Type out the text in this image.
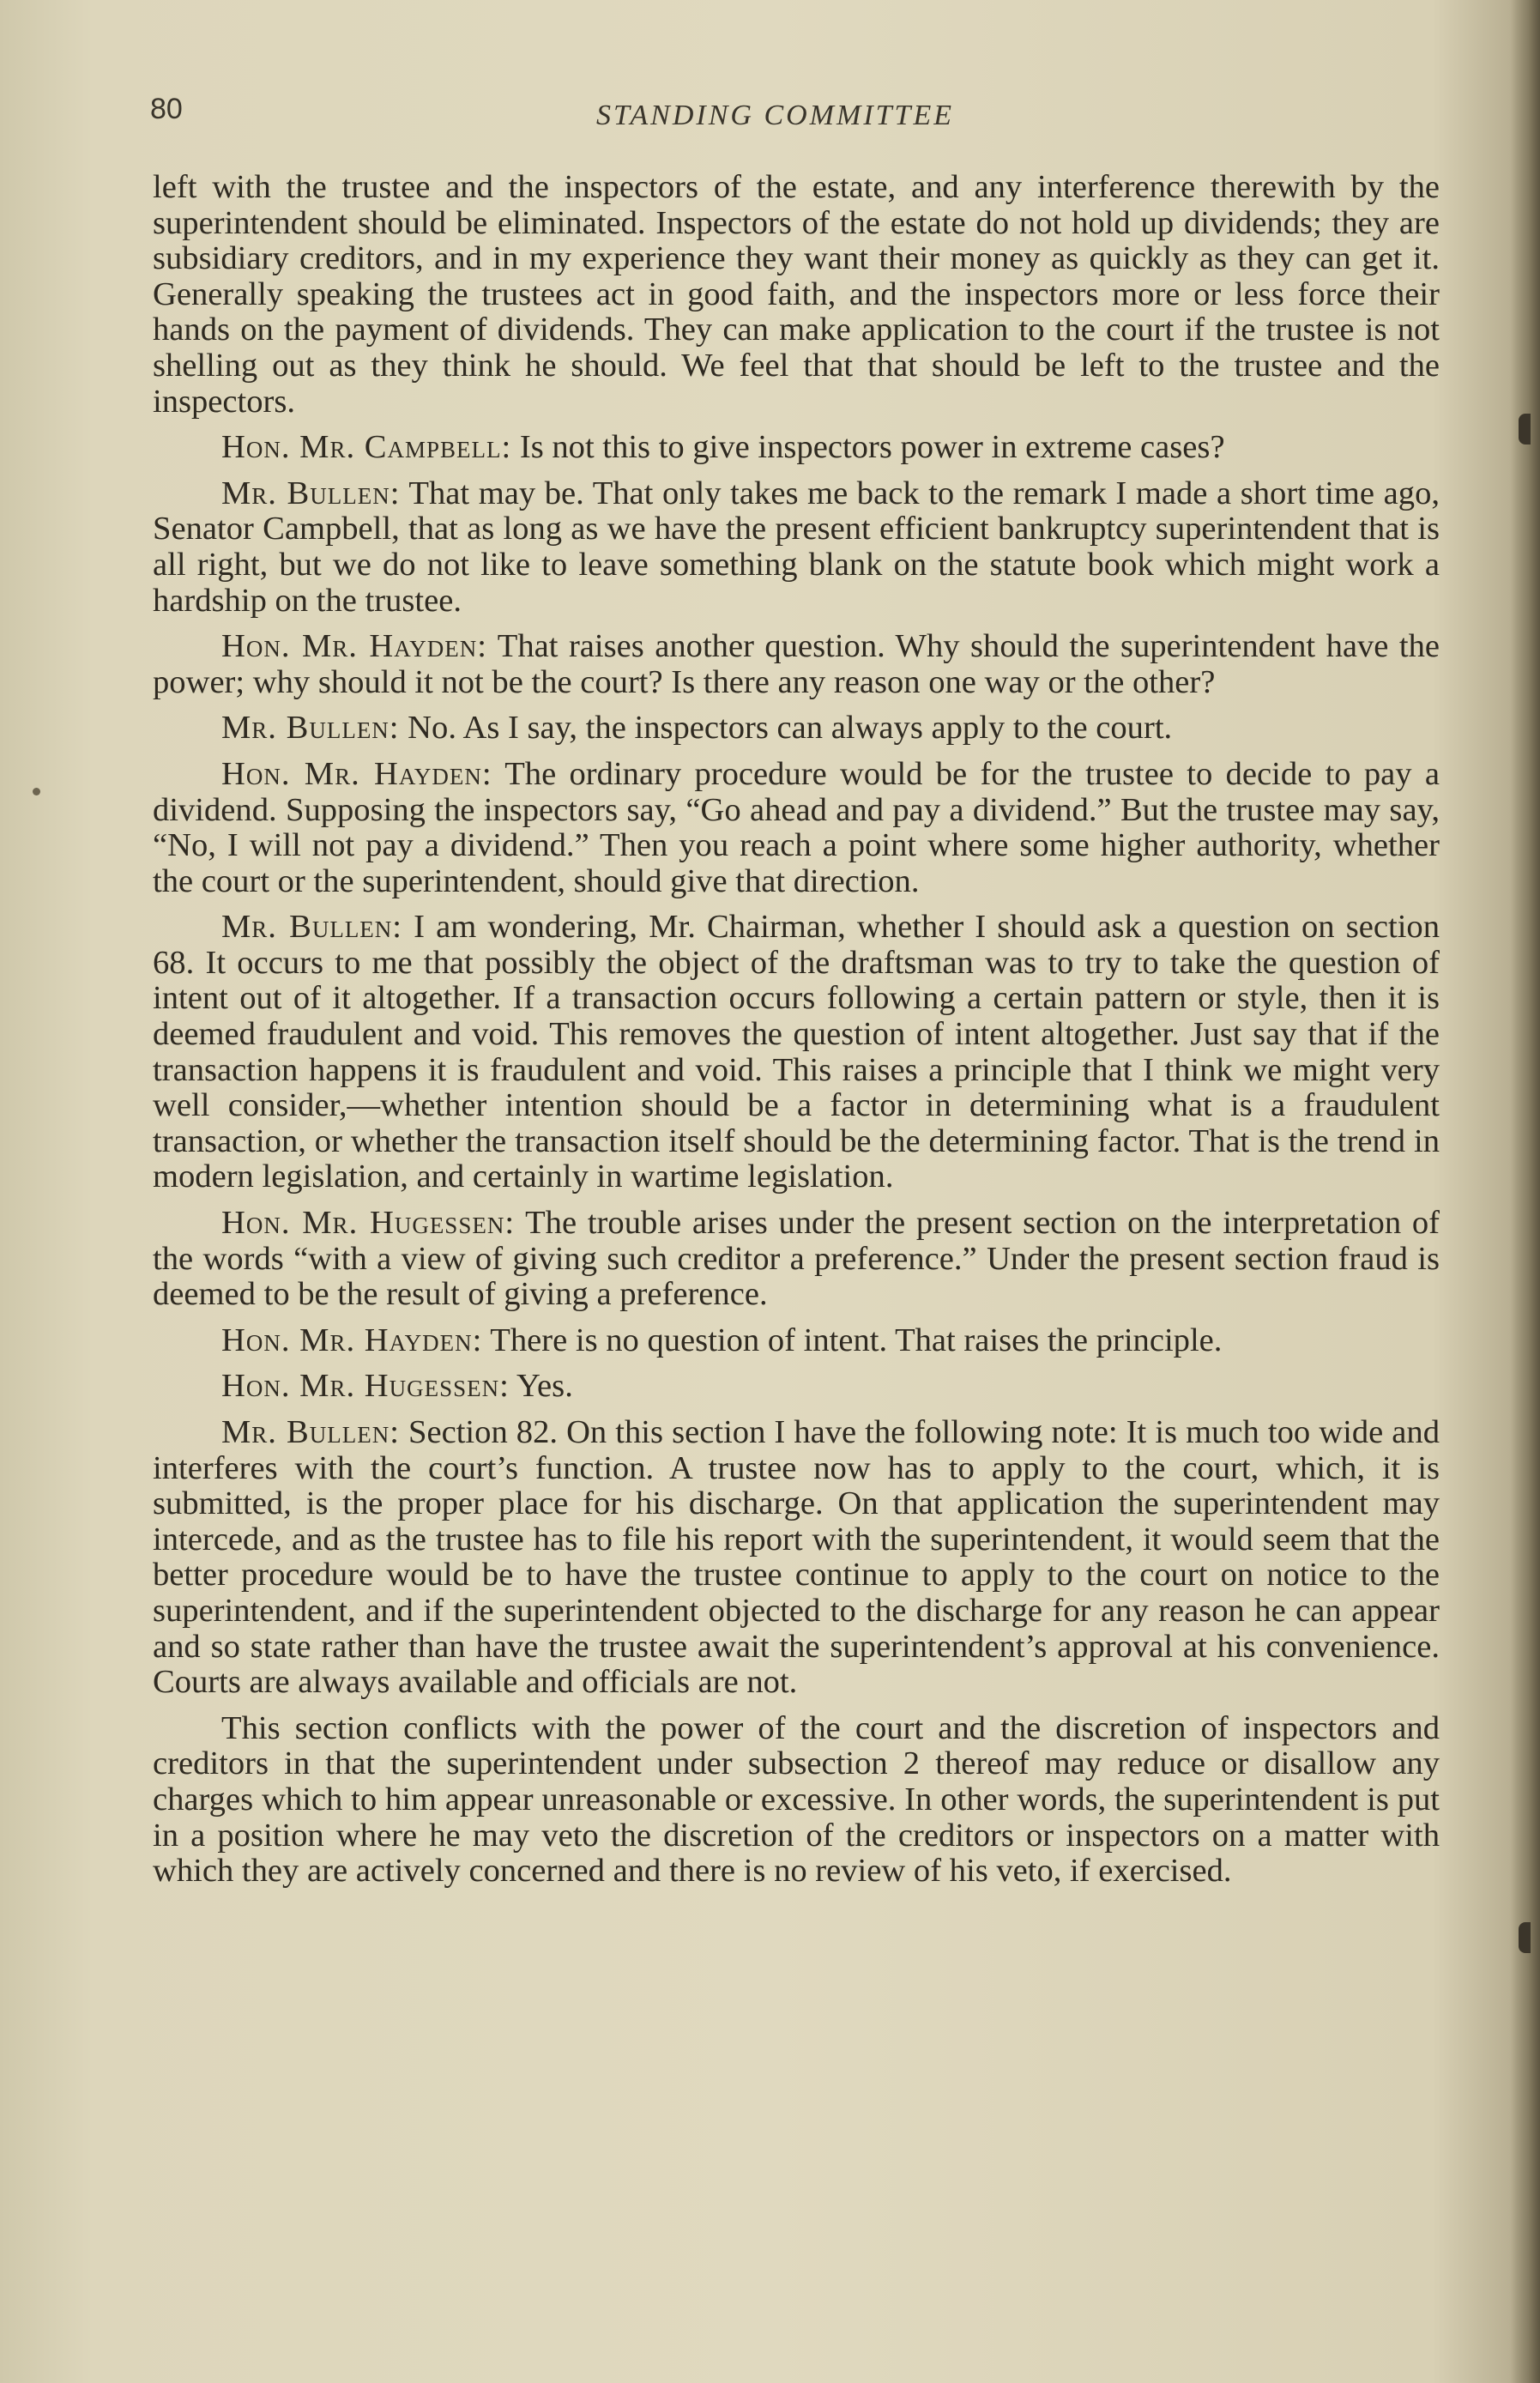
80	STANDING COMMITTEE

left with the trustee and the inspectors of the estate, and any interference therewith by the superintendent should be eliminated. Inspectors of the estate do not hold up dividends; they are subsidiary creditors, and in my experience they want their money as quickly as they can get it. Generally speaking the trustees act in good faith, and the inspectors more or less force their hands on the payment of dividends. They can make application to the court if the trustee is not shelling out as they think he should. We feel that that should be left to the trustee and the inspectors.

Hon. Mr. Campbell: Is not this to give inspectors power in extreme cases?

Mr. Bullen: That may be. That only takes me back to the remark I made a short time ago, Senator Campbell, that as long as we have the present efficient bankruptcy superintendent that is all right, but we do not like to leave something blank on the statute book which might work a hardship on the trustee.

Hon. Mr. Hayden: That raises another question. Why should the superintendent have the power; why should it not be the court? Is there any reason one way or the other?

Mr. Bullen: No. As I say, the inspectors can always apply to the court.

Hon. Mr. Hayden: The ordinary procedure would be for the trustee to decide to pay a dividend. Supposing the inspectors say, “Go ahead and pay a dividend.” But the trustee may say, “No, I will not pay a dividend.” Then you reach a point where some higher authority, whether the court or the superintendent, should give that direction.

Mr. Bullen: I am wondering, Mr. Chairman, whether I should ask a question on section 68. It occurs to me that possibly the object of the draftsman was to try to take the question of intent out of it altogether. If a transaction occurs following a certain pattern or style, then it is deemed fraudulent and void. This removes the question of intent altogether. Just say that if the transaction happens it is fraudulent and void. This raises a principle that I think we might very well consider,—whether intention should be a factor in determining what is a fraudulent transaction, or whether the transaction itself should be the determining factor. That is the trend in modern legislation, and certainly in wartime legislation.

Hon. Mr. Hugessen: The trouble arises under the present section on the interpretation of the words “with a view of giving such creditor a preference.” Under the present section fraud is deemed to be the result of giving a preference.

Hon. Mr. Hayden: There is no question of intent. That raises the principle.

Hon. Mr. Hugessen: Yes.

Mr. Bullen: Section 82. On this section I have the following note: It is much too wide and interferes with the court’s function. A trustee now has to apply to the court, which, it is submitted, is the proper place for his discharge. On that application the superintendent may intercede, and as the trustee has to file his report with the superintendent, it would seem that the better procedure would be to have the trustee continue to apply to the court on notice to the superintendent, and if the superintendent objected to the discharge for any reason he can appear and so state rather than have the trustee await the superintendent’s approval at his convenience. Courts are always available and officials are not.

This section conflicts with the power of the court and the discretion of inspectors and creditors in that the superintendent under subsection 2 thereof may reduce or disallow any charges which to him appear unreasonable or excessive. In other words, the superintendent is put in a position where he may veto the discretion of the creditors or inspectors on a matter with which they are actively concerned and there is no review of his veto, if exercised.
